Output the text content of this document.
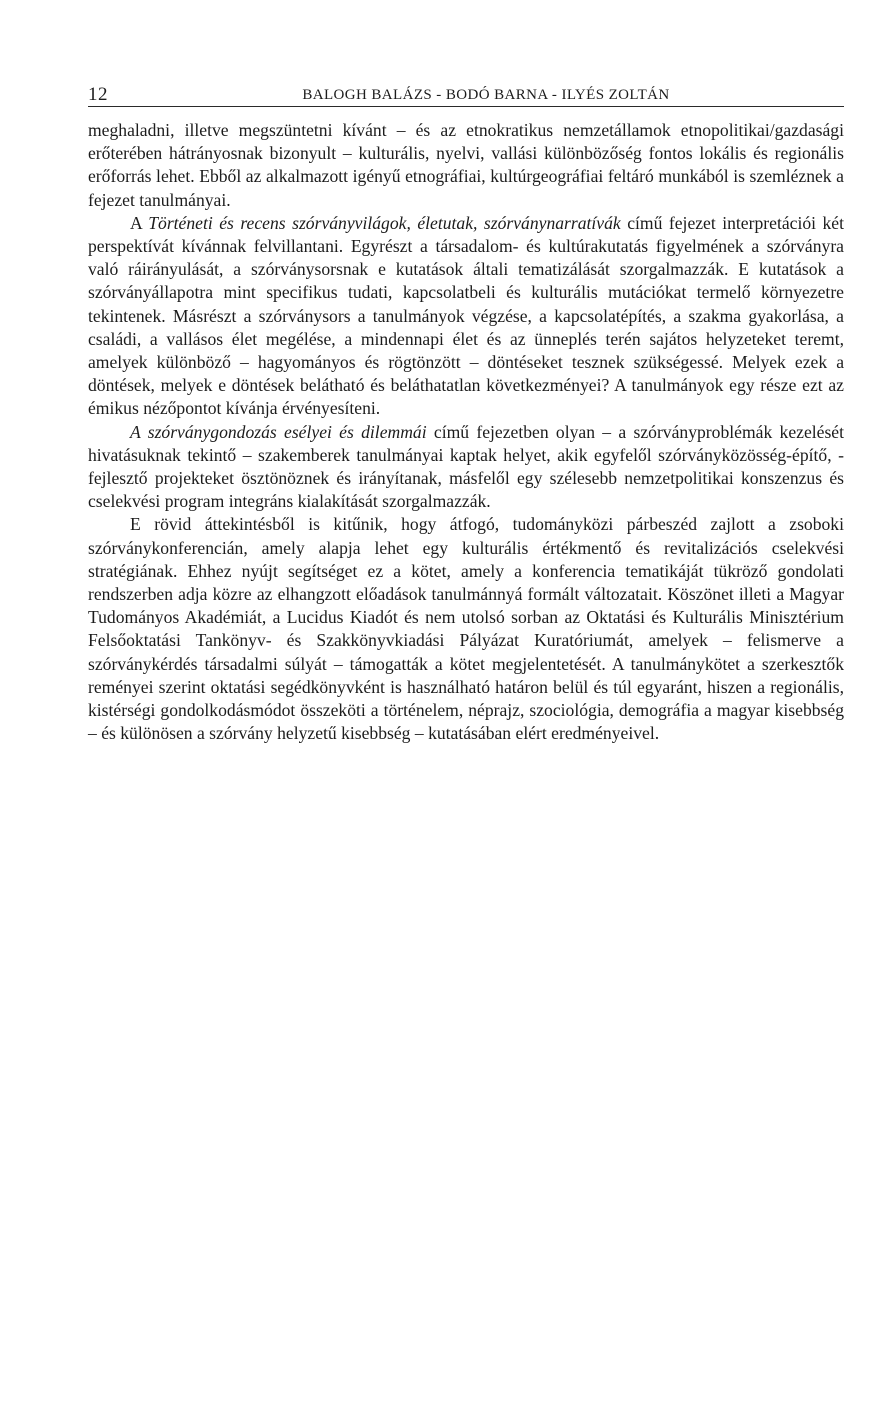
12	BALOGH BALÁZS - BODÓ BARNA - ILYÉS ZOLTÁN

meghaladni, illetve megszüntetni kívánt – és az etnokratikus nemzetállamok etnopolitikai/gazdasági erőterében hátrányosnak bizonyult – kulturális, nyelvi, vallási különbözőség fontos lokális és regionális erőforrás lehet. Ebből az alkalmazott igényű etnográfiai, kultúrgeográfiai feltáró munkából is szemléznek a fejezet tanulmányai.

A Történeti és recens szórványvilágok, életutak, szórványnarratívák című fejezet interpretációi két perspektívát kívánnak felvillantani. Egyrészt a társadalom- és kultúrakutatás figyelmének a szórványra való ráirányulását, a szórványsorsnak e kutatások általi tematizálását szorgalmazzák. E kutatások a szórványállapotra mint specifikus tudati, kapcsolatbeli és kulturális mutációkat termelő környezetre tekintenek. Másrészt a szórványsors a tanulmányok végzése, a kapcsolatépítés, a szakma gyakorlása, a családi, a vallásos élet megélése, a mindennapi élet és az ünneplés terén sajátos helyzeteket teremt, amelyek különböző – hagyományos és rögtönzött – döntéseket tesznek szükségessé. Melyek ezek a döntések, melyek e döntések belátható és beláthatatlan következményei? A tanulmányok egy része ezt az émikus nézőpontot kívánja érvényesíteni.

A szórványgondozás esélyei és dilemmái című fejezetben olyan – a szórványproblémák kezelését hivatásuknak tekintő – szakemberek tanulmányai kaptak helyet, akik egyfelől szórványközösség-építő, -fejlesztő projekteket ösztönöznek és irányítanak, másfelől egy szélesebb nemzetpolitikai konszenzus és cselekvési program integráns kialakítását szorgalmazzák.

E rövid áttekintésből is kitűnik, hogy átfogó, tudományközi párbeszéd zajlott a zsoboki szórványkonferencián, amely alapja lehet egy kulturális értékmentő és revitalizációs cselekvési stratégiának. Ehhez nyújt segítséget ez a kötet, amely a konferencia tematikáját tükröző gondolati rendszerben adja közre az elhangzott előadások tanulmánnyá formált változatait. Köszönet illeti a Magyar Tudományos Akadémiát, a Lucidus Kiadót és nem utolsó sorban az Oktatási és Kulturális Minisztérium Felsőoktatási Tankönyv- és Szakkönyvkiadási Pályázat Kuratóriumát, amelyek – felismerve a szórványkérdés társadalmi súlyát – támogatták a kötet megjelentetését. A tanulmánykötet a szerkesztők reményei szerint oktatási segédkönyvként is használható határon belül és túl egyaránt, hiszen a regionális, kistérségi gondolkodásmódot összeköti a történelem, néprajz, szociológia, demográfia a magyar kisebbség – és különösen a szórvány helyzetű kisebbség – kutatásában elért eredményeivel.
